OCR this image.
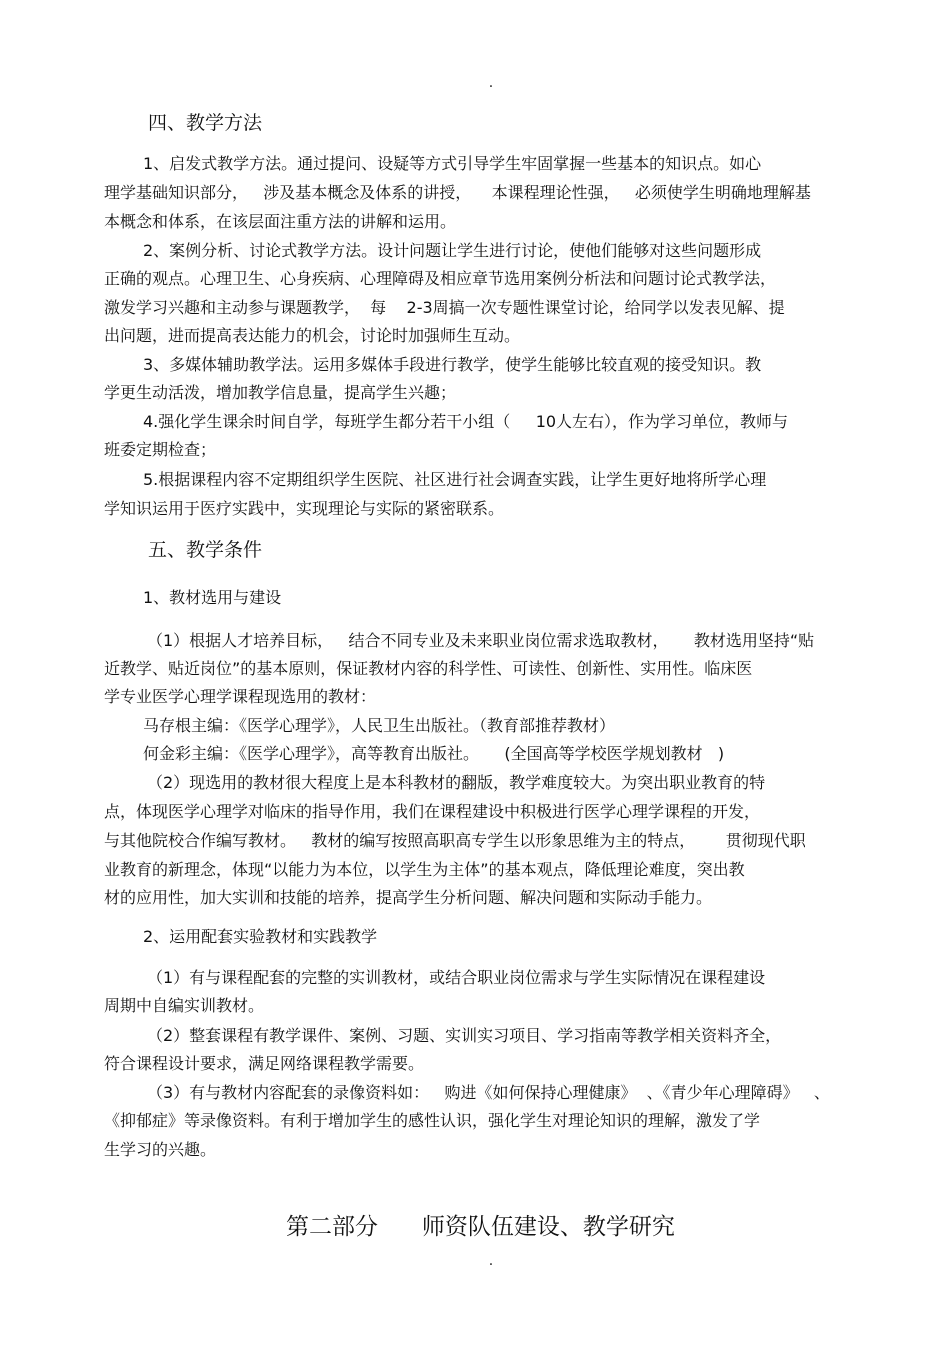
.
四、教学方法
1、启发式教学方法。通过提问、设疑等方式引导学生牢固掌握一些基本的知识点。如心
理学基础知识部分，   涉及基本概念及体系的讲授，    本课程理论性强，   必须使学生明确地理解基
本概念和体系，在该层面注重方法的讲解和运用。
2、案例分析、讨论式教学方法。设计问题让学生进行讨论，使他们能够对这些问题形成
正确的观点。心理卫生、心身疾病、心理障碍及相应章节选用案例分析法和问题讨论式教学法，
激发学习兴趣和主动参与课题教学，  每    2-3周搞一次专题性课堂讨论，给同学以发表见解、提
出问题，进而提高表达能力的机会，讨论时加强师生互动。
3、多媒体辅助教学法。运用多媒体手段进行教学，使学生能够比较直观的接受知识。教
学更生动活泼，增加教学信息量，提高学生兴趣；
4.强化学生课余时间自学，每班学生都分若干小组（     10人左右），作为学习单位，教师与
班委定期检查；
5.根据课程内容不定期组织学生医院、社区进行社会调查实践，让学生更好地将所学心理
学知识运用于医疗实践中，实现理论与实际的紧密联系。
五、教学条件
1、教材选用与建设
（1）根据人才培养目标，   结合不同专业及未来职业岗位需求选取教材，     教材选用坚持“贴
近教学、贴近岗位”的基本原则，保证教材内容的科学性、可读性、创新性、实用性。临床医
学专业医学心理学课程现选用的教材：
马存根主编：《医学心理学》，人民卫生出版社。（教育部推荐教材）
何金彩主编：《医学心理学》，高等教育出版社。     (全国高等学校医学规划教材   )
（2）现选用的教材很大程度上是本科教材的翻版，教学难度较大。为突出职业教育的特
点，体现医学心理学对临床的指导作用，我们在课程建设中积极进行医学心理学课程的开发，
与其他院校合作编写教材。   教材的编写按照高职高专学生以形象思维为主的特点，      贯彻现代职
业教育的新理念，体现“以能力为本位，以学生为主体”的基本观点，降低理论难度，突出教
材的应用性，加大实训和技能的培养，提高学生分析问题、解决问题和实际动手能力。
2、运用配套实验教材和实践教学
（1）有与课程配套的完整的实训教材，或结合职业岗位需求与学生实际情况在课程建设
周期中自编实训教材。
（2）整套课程有教学课件、案例、习题、实训实习项目、学习指南等教学相关资料齐全，
符合课程设计要求，满足网络课程教学需要。
（3）有与教材内容配套的录像资料如：   购进《如何保持心理健康》  、《青少年心理障碍》   、
《抑郁症》等录像资料。有利于增加学生的感性认识，强化学生对理论知识的理解，激发了学
生学习的兴趣。
第二部分      师资队伍建设、教学研究
.
